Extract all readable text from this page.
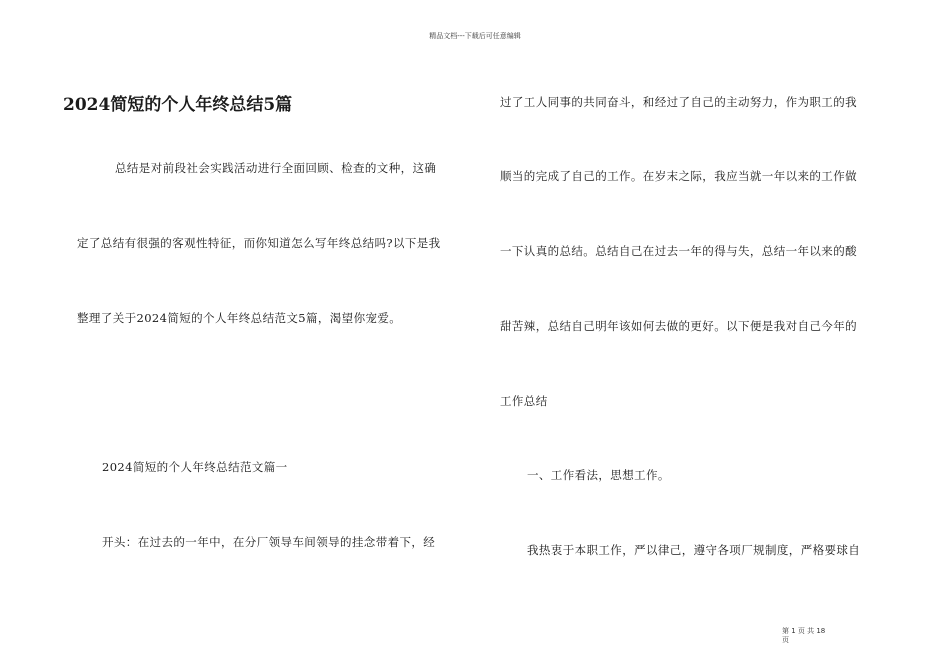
精品文档---下载后可任意编辑
2024简短的个人年终总结5篇
总结是对前段社会实践活动进行全面回顾、检查的文种，这确
定了总结有很强的客观性特征，而你知道怎么写年终总结吗?以下是我
整理了关于2024简短的个人年终总结范文5篇，渴望你宠爱。
2024简短的个人年终总结范文篇一
开头：在过去的一年中，在分厂领导车间领导的挂念带着下，经
过了工人同事的共同奋斗，和经过了自己的主动努力，作为职工的我
顺当的完成了自己的工作。在岁末之际，我应当就一年以来的工作做
一下认真的总结。总结自己在过去一年的得与失，总结一年以来的酸
甜苦辣，总结自己明年该如何去做的更好。以下便是我对自己今年的
工作总结
一、工作看法，思想工作。
我热衷于本职工作，严以律己，遵守各项厂规制度，严格要球自
第 1 页 共 18
页
